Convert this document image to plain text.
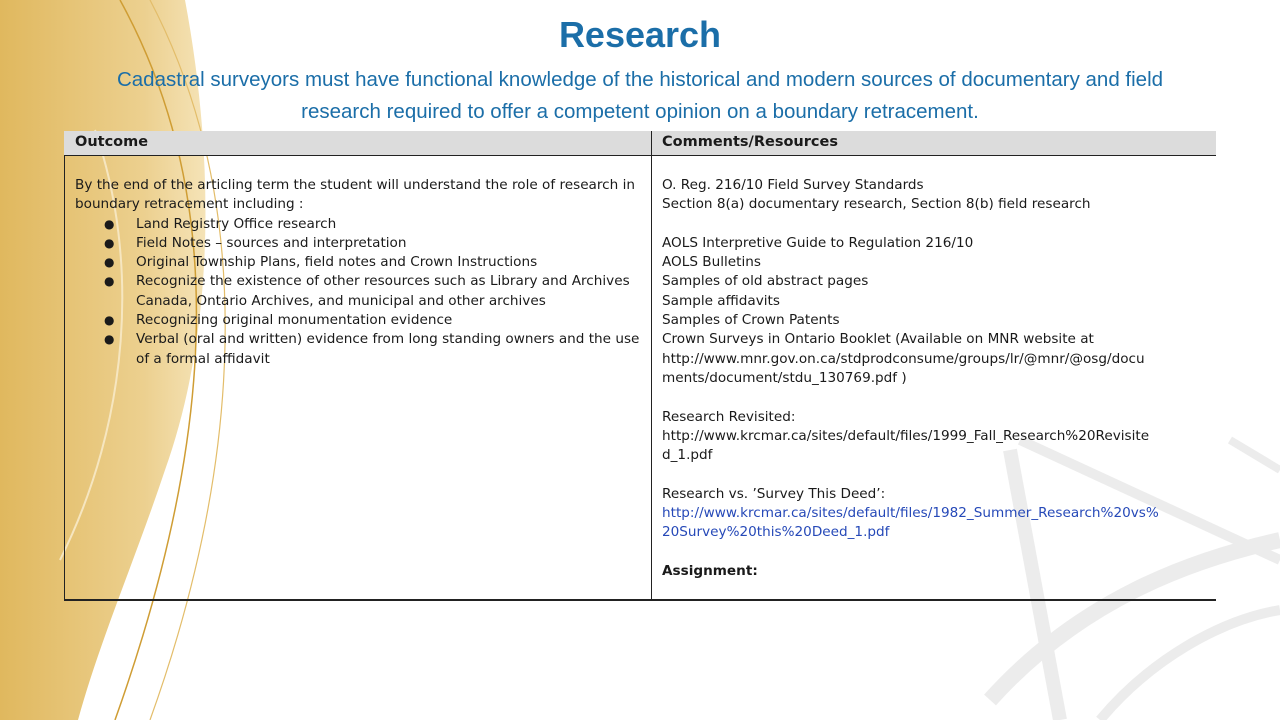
Research
Cadastral surveyors must have functional knowledge of the historical and modern sources of documentary and field research required to offer a competent opinion on a boundary retracement.
Outcome	Comments/Resources

By the end of the articling term the student will understand the role of research in boundary retracement including :

● Land Registry Office research
● Field Notes – sources and interpretation
● Original Township Plans, field notes and Crown Instructions
● Recognize the existence of other resources such as Library and Archives Canada, Ontario Archives, and municipal and other archives
● Recognizing original monumentation evidence
● Verbal (oral and written) evidence from long standing owners and the use of a formal affidavit
O. Reg. 216/10 Field Survey Standards
Section 8(a) documentary research, Section 8(b) field research
AOLS Interpretive Guide to Regulation 216/10
AOLS Bulletins
Samples of old abstract pages
Sample affidavits
Samples of Crown Patents
Crown Surveys in Ontario Booklet (Available on MNR website at
http://www.mnr.gov.on.ca/stdprodconsume/groups/lr/@mnr/@osg/docu
ments/document/stdu_130769.pdf )
Research Revisited:
http://www.krcmar.ca/sites/default/files/1999_Fall_Research%20Revisite
d_1.pdf
Research vs. ’Survey This Deed’:
http://www.krcmar.ca/sites/default/files/1982_Summer_Research%20vs%
20Survey%20this%20Deed_1.pdf
Assignment:
